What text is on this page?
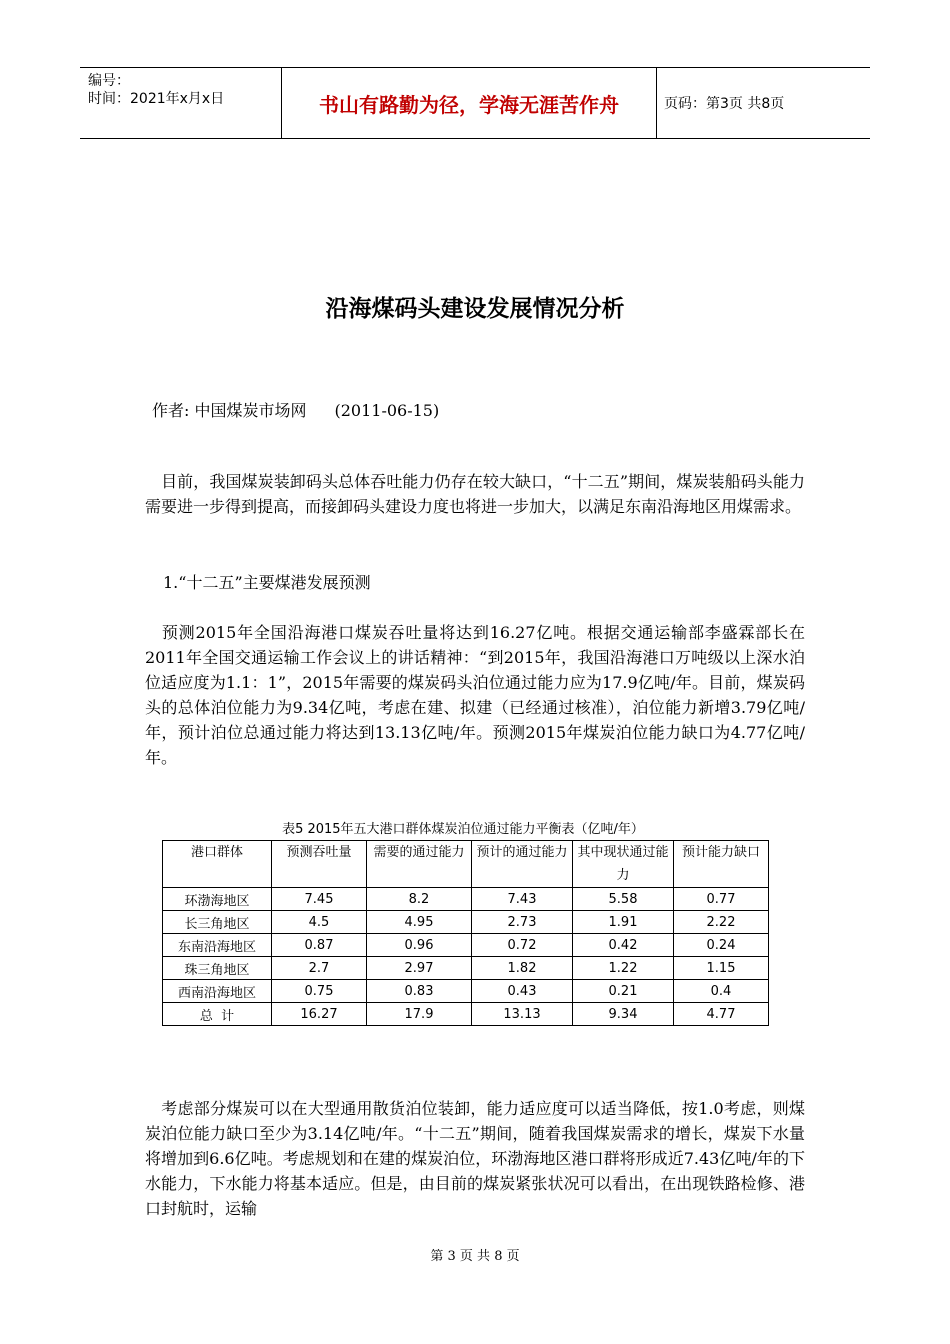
编号：
时间：2021年x月x日	书山有路勤为径，学海无涯苦作舟	页码：第3页 共8页
沿海煤码头建设发展情况分析
作者: 中国煤炭市场网 (2011-06-15)
 目前，我国煤炭装卸码头总体吞吐能力仍存在较大缺口，“十二五”期间，煤炭装船码头能力需要进一步得到提高，而接卸码头建设力度也将进一步加大，以满足东南沿海地区用煤需求。
1.“十二五”主要煤港发展预测
 预测2015年全国沿海港口煤炭吞吐量将达到16.27亿吨。根据交通运输部李盛霖部长在2011年全国交通运输工作会议上的讲话精神：“到2015年，我国沿海港口万吨级以上深水泊位适应度为1.1：1”，2015年需要的煤炭码头泊位通过能力应为17.9亿吨/年。目前，煤炭码头的总体泊位能力为9.34亿吨，考虑在建、拟建（已经通过核准），泊位能力新增3.79亿吨/年，预计泊位总通过能力将达到13.13亿吨/年。预测2015年煤炭泊位能力缺口为4.77亿吨/年。
表5 2015年五大港口群体煤炭泊位通过能力平衡表（亿吨/年）
港口群体	预测吞吐量	需要的通过能力	预计的通过能力	其中现状通过能力	预计能力缺口
环渤海地区	7.45	8.2	7.43	5.58	0.77
长三角地区	4.5	4.95	2.73	1.91	2.22
东南沿海地区	0.87	0.96	0.72	0.42	0.24
珠三角地区	2.7	2.97	1.82	1.22	1.15
西南沿海地区	0.75	0.83	0.43	0.21	0.4
总  计	16.27	17.9	13.13	9.34	4.77
 考虑部分煤炭可以在大型通用散货泊位装卸，能力适应度可以适当降低，按1.0考虑，则煤炭泊位能力缺口至少为3.14亿吨/年。“十二五”期间，随着我国煤炭需求的增长，煤炭下水量将增加到6.6亿吨。考虑规划和在建的煤炭泊位，环渤海地区港口群将形成近7.43亿吨/年的下水能力，下水能力将基本适应。但是，由目前的煤炭紧张状况可以看出，在出现铁路检修、港口封航时，运输
第 3 页 共 8 页
